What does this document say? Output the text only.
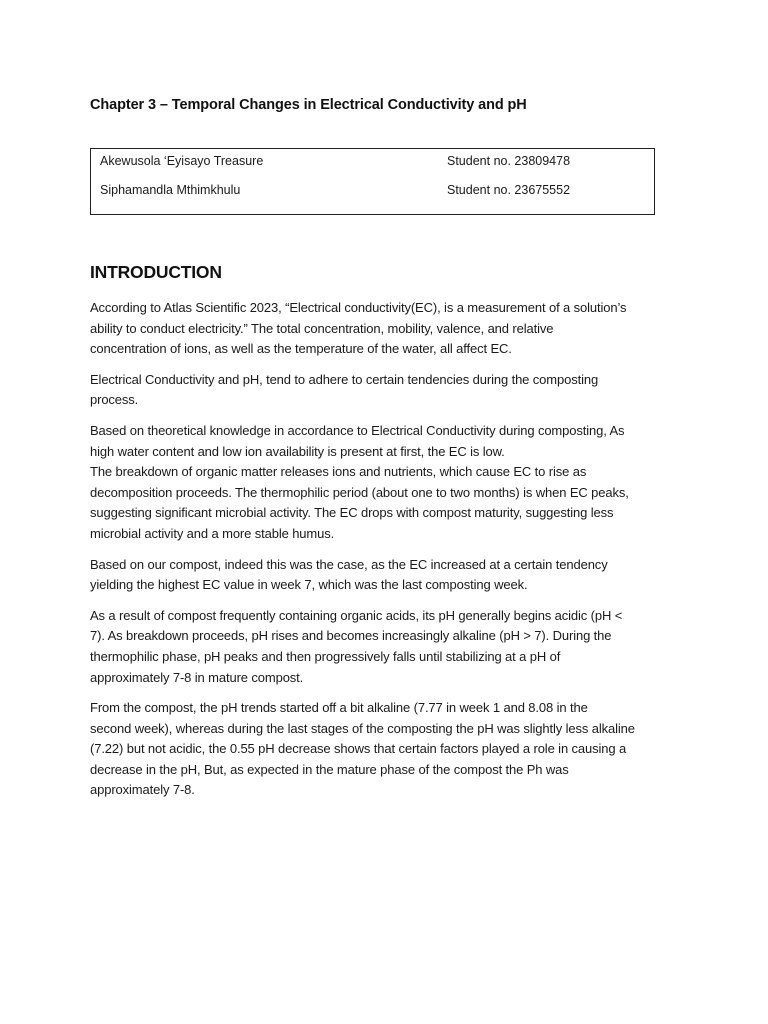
Chapter 3 – Temporal Changes in Electrical Conductivity and pH
Akewusola ‘Eyisayo Treasure	Student no. 23809478
Siphamandla Mthimkhulu	Student no. 23675552
INTRODUCTION

According to Atlas Scientific 2023, “Electrical conductivity(EC), is a measurement of a solution’s
ability to conduct electricity.” The total concentration, mobility, valence, and relative
concentration of ions, as well as the temperature of the water, all affect EC.

Electrical Conductivity and pH, tend to adhere to certain tendencies during the composting
process.

Based on theoretical knowledge in accordance to Electrical Conductivity during composting, As
high water content and low ion availability is present at first, the EC is low.
The breakdown of organic matter releases ions and nutrients, which cause EC to rise as
decomposition proceeds. The thermophilic period (about one to two months) is when EC peaks,
suggesting significant microbial activity. The EC drops with compost maturity, suggesting less
microbial activity and a more stable humus.

Based on our compost, indeed this was the case, as the EC increased at a certain tendency
yielding the highest EC value in week 7, which was the last composting week.

As a result of compost frequently containing organic acids, its pH generally begins acidic (pH <
7). As breakdown proceeds, pH rises and becomes increasingly alkaline (pH > 7). During the
thermophilic phase, pH peaks and then progressively falls until stabilizing at a pH of
approximately 7-8 in mature compost.

From the compost, the pH trends started off a bit alkaline (7.77 in week 1 and 8.08 in the
second week), whereas during the last stages of the composting the pH was slightly less alkaline
(7.22) but not acidic, the 0.55 pH decrease shows that certain factors played a role in causing a
decrease in the pH, But, as expected in the mature phase of the compost the Ph was
approximately 7-8.
